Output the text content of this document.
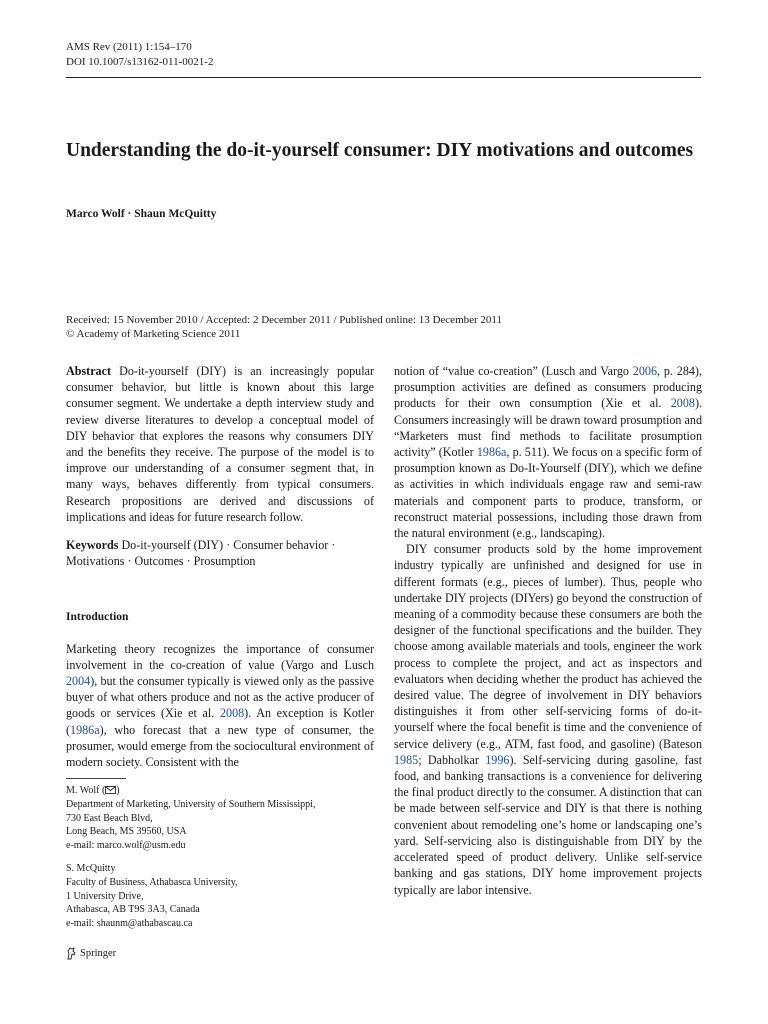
AMS Rev (2011) 1:154–170
DOI 10.1007/s13162-011-0021-2
Understanding the do-it-yourself consumer: DIY motivations and outcomes
Marco Wolf · Shaun McQuitty
Received: 15 November 2010 / Accepted: 2 December 2011 / Published online: 13 December 2011
© Academy of Marketing Science 2011

Abstract Do-it-yourself (DIY) is an increasingly popular consumer behavior, but little is known about this large consumer segment. We undertake a depth interview study and review diverse literatures to develop a conceptual model of DIY behavior that explores the reasons why consumers DIY and the benefits they receive. The purpose of the model is to improve our understanding of a consumer segment that, in many ways, behaves differently from typical consumers. Research propositions are derived and discussions of implications and ideas for future research follow.

Keywords Do-it-yourself (DIY) · Consumer behavior · Motivations · Outcomes · Prosumption

Introduction

Marketing theory recognizes the importance of consumer involvement in the co-creation of value (Vargo and Lusch 2004), but the consumer typically is viewed only as the passive buyer of what others produce and not as the active producer of goods or services (Xie et al. 2008). An exception is Kotler (1986a), who forecast that a new type of consumer, the prosumer, would emerge from the sociocultural environment of modern society. Consistent with the

notion of “value co-creation” (Lusch and Vargo 2006, p. 284), prosumption activities are defined as consumers producing products for their own consumption (Xie et al. 2008). Consumers increasingly will be drawn toward prosumption and “Marketers must find methods to facilitate prosumption activity” (Kotler 1986a, p. 511). We focus on a specific form of prosumption known as Do-It-Yourself (DIY), which we define as activities in which individuals engage raw and semi-raw materials and component parts to produce, transform, or reconstruct material possessions, including those drawn from the natural environment (e.g., landscaping).

DIY consumer products sold by the home improvement industry typically are unfinished and designed for use in different formats (e.g., pieces of lumber). Thus, people who undertake DIY projects (DIYers) go beyond the construction of meaning of a commodity because these consumers are both the designer of the functional specifications and the builder. They choose among available materials and tools, engineer the work process to complete the project, and act as inspectors and evaluators when deciding whether the product has achieved the desired value. The degree of involvement in DIY behaviors distinguishes it from other self-servicing forms of do-it-yourself where the focal benefit is time and the convenience of service delivery (e.g., ATM, fast food, and gasoline) (Bateson 1985; Dabholkar 1996). Self-servicing during gasoline, fast food, and banking transactions is a convenience for delivering the final product directly to the consumer. A distinction that can be made between self-service and DIY is that there is nothing convenient about remodeling one’s home or landscaping one’s yard. Self-servicing also is distinguishable from DIY by the accelerated speed of product delivery. Unlike self-service banking and gas stations, DIY home improvement projects typically are labor intensive.

M. Wolf ( )
Department of Marketing, University of Southern Mississippi,
730 East Beach Blvd,
Long Beach, MS 39560, USA
e-mail: marco.wolf@usm.edu
S. McQuitty
Faculty of Business, Athabasca University,
1 University Drive,
Athabasca, AB T9S 3A3, Canada
e-mail: shaunm@athabascau.ca
Springer
